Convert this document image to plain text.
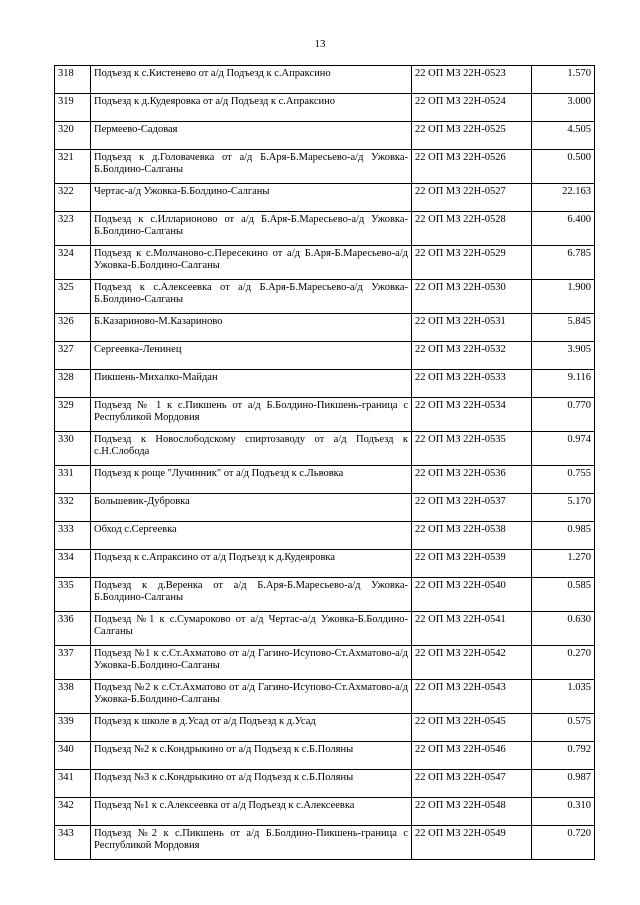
13
318	Подъезд к с.Кистенево от а/д Подъезд к с.Апраксино	22 ОП МЗ 22Н-0523	1.570
319	Подъезд к д.Кудеяровка от а/д Подъезд к с.Апраксино	22 ОП МЗ 22Н-0524	3.000
320	Пермеево-Садовая	22 ОП МЗ 22Н-0525	4.505
321	Подъезд к д.Головачевка от а/д Б.Аря-Б.Маресьево-а/д Ужовка-Б.Болдино-Салганы	22 ОП МЗ 22Н-0526	0.500
322	Чертас-а/д Ужовка-Б.Болдино-Салганы	22 ОП МЗ 22Н-0527	22.163
323	Подъезд к с.Илларионово от а/д Б.Аря-Б.Маресьево-а/д Ужовка-Б.Болдино-Салганы	22 ОП МЗ 22Н-0528	6.400
324	Подъезд к с.Молчаново-с.Пересекино от а/д Б.Аря-Б.Маресьево-а/д Ужовка-Б.Болдино-Салганы	22 ОП МЗ 22Н-0529	6.785
325	Подъезд к с.Алексеевка от а/д Б.Аря-Б.Маресьево-а/д Ужовка-Б.Болдино-Салганы	22 ОП МЗ 22Н-0530	1.900
326	Б.Казариново-М.Казариново	22 ОП МЗ 22Н-0531	5.845
327	Сергеевка-Ленинец	22 ОП МЗ 22Н-0532	3.905
328	Пикшень-Михалко-Майдан	22 ОП МЗ 22Н-0533	9.116
329	Подъезд № 1 к с.Пикшень от а/д Б.Болдино-Пикшень-граница с Республикой Мордовия	22 ОП МЗ 22Н-0534	0.770
330	Подъезд к Новослободскому спиртозаводу от а/д Подъезд к с.Н.Слобода	22 ОП МЗ 22Н-0535	0.974
331	Подъезд к роще "Лучинник" от а/д Подъезд к с.Львовка	22 ОП МЗ 22Н-0536	0.755
332	Большевик-Дубровка	22 ОП МЗ 22Н-0537	5.170
333	Обход с.Сергеевка	22 ОП МЗ 22Н-0538	0.985
334	Подъезд к с.Апраксино от а/д Подъезд к д.Кудеяровка	22 ОП МЗ 22Н-0539	1.270
335	Подъезд к д.Веренка от а/д Б.Аря-Б.Маресьево-а/д Ужовка-Б.Болдино-Салганы	22 ОП МЗ 22Н-0540	0.585
336	Подъезд №1 к с.Сумароково от а/д Чертас-а/д Ужовка-Б.Болдино-Салганы	22 ОП МЗ 22Н-0541	0.630
337	Подъезд №1 к с.Ст.Ахматово от а/д Гагино-Исупово-Ст.Ахматово-а/д Ужовка-Б.Болдино-Салганы	22 ОП МЗ 22Н-0542	0.270
338	Подъезд №2 к с.Ст.Ахматово от а/д Гагино-Исупово-Ст.Ахматово-а/д Ужовка-Б.Болдино-Салганы	22 ОП МЗ 22Н-0543	1.035
339	Подъезд к школе в д.Усад от а/д Подъезд к д.Усад	22 ОП МЗ 22Н-0545	0.575
340	Подъезд №2 к с.Кондрыкино от а/д Подъезд к с.Б.Поляны	22 ОП МЗ 22Н-0546	0.792
341	Подъезд №3 к с.Кондрыкино от а/д Подъезд к с.Б.Поляны	22 ОП МЗ 22Н-0547	0.987
342	Подъезд №1 к с.Алексеевка от а/д Подъезд к с.Алексеевка	22 ОП МЗ 22Н-0548	0.310
343	Подъезд №2 к с.Пикшень от а/д Б.Болдино-Пикшень-граница с Республикой Мордовия	22 ОП МЗ 22Н-0549	0.720
